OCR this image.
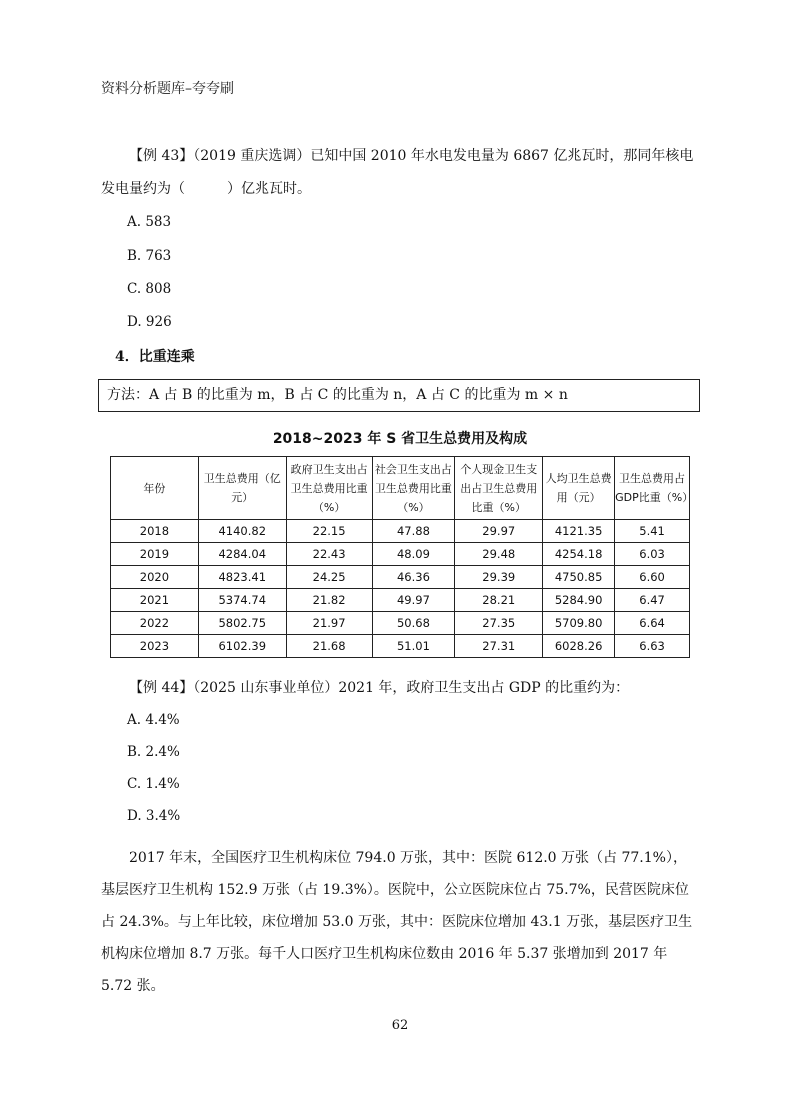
资料分析题库–夸夸刷
【例 43】（2019 重庆选调）已知中国 2010 年水电发电量为 6867 亿兆瓦时，那同年核电发电量约为（　　　）亿兆瓦时。
A. 583
B. 763
C. 808
D. 926
4．比重连乘
方法：A 占 B 的比重为 m，B 占 C 的比重为 n，A 占 C 的比重为 m × n
2018~2023 年 S 省卫生总费用及构成
年份	卫生总费用（亿元）	政府卫生支出占卫生总费用比重（%）	社会卫生支出占卫生总费用比重（%）	个人现金卫生支出占卫生总费用比重（%）	人均卫生总费用（元）	卫生总费用占GDP比重（%）
2018	4140.82	22.15	47.88	29.97	4121.35	5.41
2019	4284.04	22.43	48.09	29.48	4254.18	6.03
2020	4823.41	24.25	46.36	29.39	4750.85	6.60
2021	5374.74	21.82	49.97	28.21	5284.90	6.47
2022	5802.75	21.97	50.68	27.35	5709.80	6.64
2023	6102.39	21.68	51.01	27.31	6028.26	6.63
【例 44】（2025 山东事业单位）2021 年，政府卫生支出占 GDP 的比重约为：
A. 4.4%
B. 2.4%
C. 1.4%
D. 3.4%
2017 年末，全国医疗卫生机构床位 794.0 万张，其中：医院 612.0 万张（占 77.1%），基层医疗卫生机构 152.9 万张（占 19.3%）。医院中，公立医院床位占 75.7%，民营医院床位占 24.3%。与上年比较，床位增加 53.0 万张，其中：医院床位增加 43.1 万张，基层医疗卫生机构床位增加 8.7 万张。每千人口医疗卫生机构床位数由 2016 年 5.37 张增加到 2017 年 5.72 张。
62
